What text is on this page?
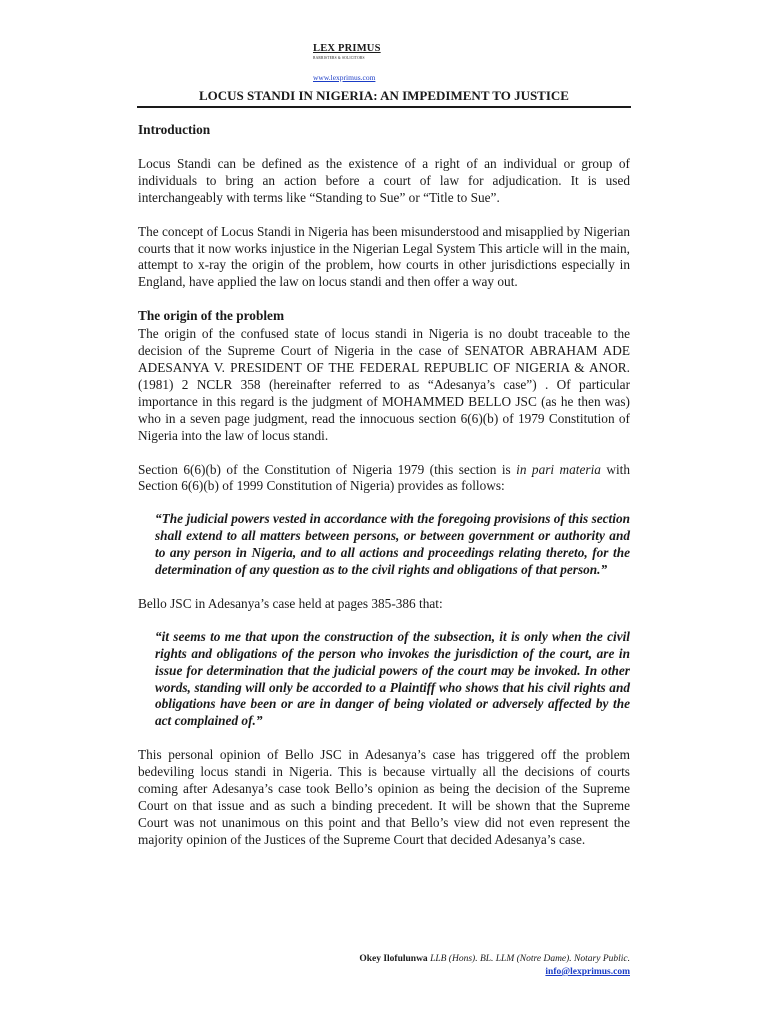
LEX PRIMUS
BARRISTERS & SOLICITORS
www.lexprimus.com
LOCUS STANDI IN NIGERIA: AN IMPEDIMENT TO JUSTICE

Introduction

Locus Standi can be defined as the existence of a right of an individual or group of individuals to bring an action before a court of law for adjudication. It is used interchangeably with terms like “Standing to Sue” or “Title to Sue”.

The concept of Locus Standi in Nigeria has been misunderstood and misapplied by Nigerian courts that it now works injustice in the Nigerian Legal System This article will in the main, attempt to x-ray the origin of the problem, how courts in other jurisdictions especially in England, have applied the law on locus standi and then offer a way out.

The origin of the problem

The origin of the confused state of locus standi in Nigeria is no doubt traceable to the decision of the Supreme Court of Nigeria in the case of SENATOR ABRAHAM ADE ADESANYA V. PRESIDENT OF THE FEDERAL REPUBLIC OF NIGERIA & ANOR. (1981) 2 NCLR 358 (hereinafter referred to as “Adesanya’s case”) . Of particular importance in this regard is the judgment of MOHAMMED BELLO JSC (as he then was) who in a seven page judgment, read the innocuous section 6(6)(b) of 1979 Constitution of Nigeria into the law of locus standi.

Section 6(6)(b) of the Constitution of Nigeria 1979 (this section is in pari materia with Section 6(6)(b) of 1999 Constitution of Nigeria) provides as follows:

“The judicial powers vested in accordance with the foregoing provisions of this section shall extend to all matters between persons, or between government or authority and to any person in Nigeria, and to all actions and proceedings relating thereto, for the determination of any question as to the civil rights and obligations of that person.”

Bello JSC in Adesanya’s case held at pages 385-386 that:

“it seems to me that upon the construction of the subsection, it is only when the civil rights and obligations of the person who invokes the jurisdiction of the court, are in issue for determination that the judicial powers of the court may be invoked. In other words, standing will only be accorded to a Plaintiff who shows that his civil rights and obligations have been or are in danger of being violated or adversely affected by the act complained of.”

This personal opinion of Bello JSC in Adesanya’s case has triggered off the problem bedeviling locus standi in Nigeria. This is because virtually all the decisions of courts coming after Adesanya’s case took Bello’s opinion as being the decision of the Supreme Court on that issue and as such a binding precedent. It will be shown that the Supreme Court was not unanimous on this point and that Bello’s view did not even represent the majority opinion of the Justices of the Supreme Court that decided Adesanya’s case.

Okey Ilofulunwa LLB (Hons). BL. LLM (Notre Dame). Notary Public.
info@lexprimus.com
